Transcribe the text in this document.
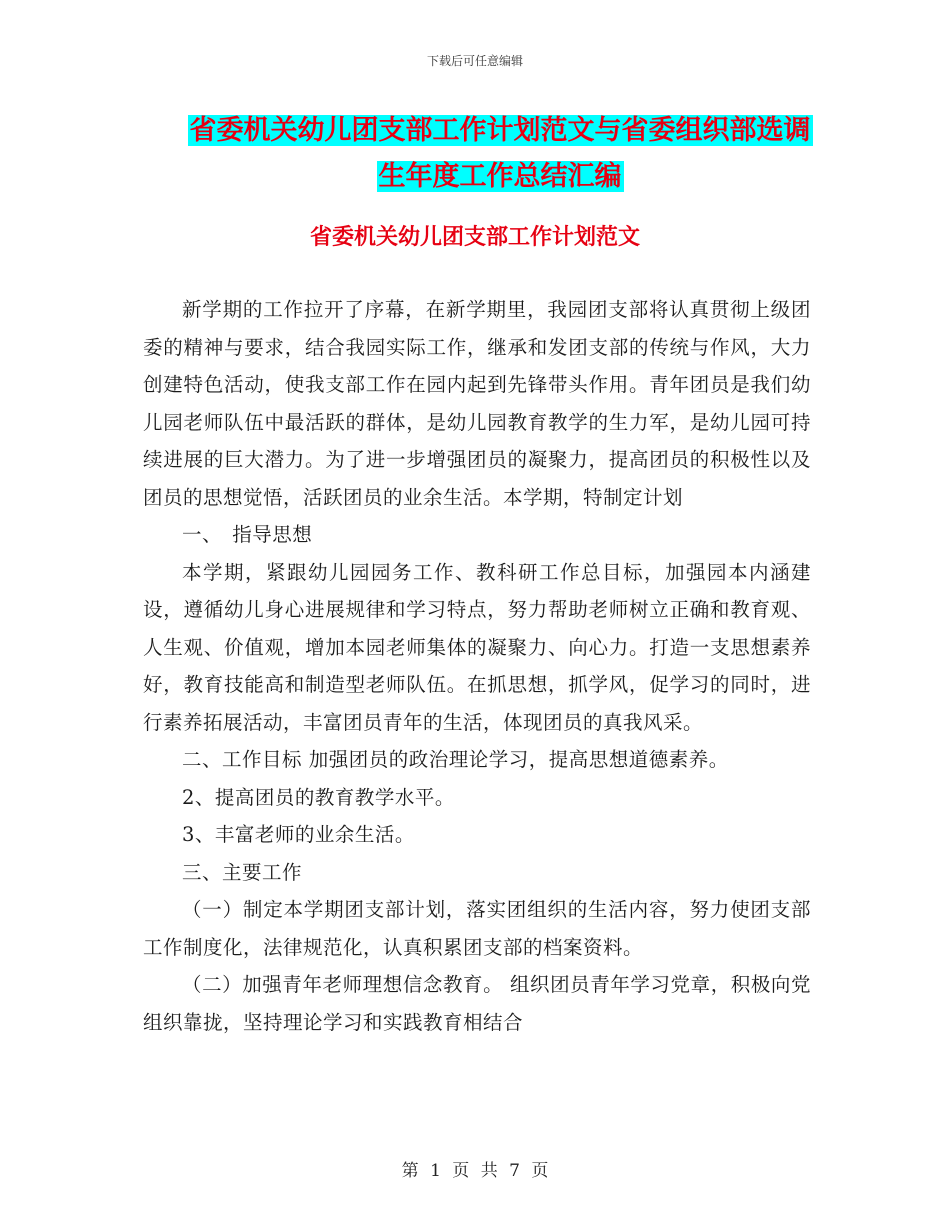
下载后可任意编辑
省委机关幼儿团支部工作计划范文与省委组织部选调
生年度工作总结汇编
省委机关幼儿团支部工作计划范文

新学期的工作拉开了序幕，在新学期里，我园团支部将认真贯彻上级团委的精神与要求，结合我园实际工作，继承和发团支部的传统与作风，大力创建特色活动，使我支部工作在园内起到先锋带头作用。青年团员是我们幼儿园老师队伍中最活跃的群体，是幼儿园教育教学的生力军，是幼儿园可持续进展的巨大潜力。为了进一步增强团员的凝聚力，提高团员的积极性以及团员的思想觉悟，活跃团员的业余生活。本学期，特制定计划

一、　指导思想

本学期，紧跟幼儿园园务工作、教科研工作总目标，加强园本内涵建设，遵循幼儿身心进展规律和学习特点，努力帮助老师树立正确和教育观、人生观、价值观，增加本园老师集体的凝聚力、向心力。打造一支思想素养好，教育技能高和制造型老师队伍。在抓思想，抓学风，促学习的同时，进行素养拓展活动，丰富团员青年的生活，体现团员的真我风采。

二、工作目标 加强团员的政治理论学习，提高思想道德素养。

2、提高团员的教育教学水平。

3、丰富老师的业余生活。

三、主要工作

（一）制定本学期团支部计划，落实团组织的生活内容，努力使团支部工作制度化，法律规范化，认真积累团支部的档案资料。

（二）加强青年老师理想信念教育。 组织团员青年学习党章，积极向党组织靠拢，坚持理论学习和实践教育相结合

第 1 页 共 7 页
